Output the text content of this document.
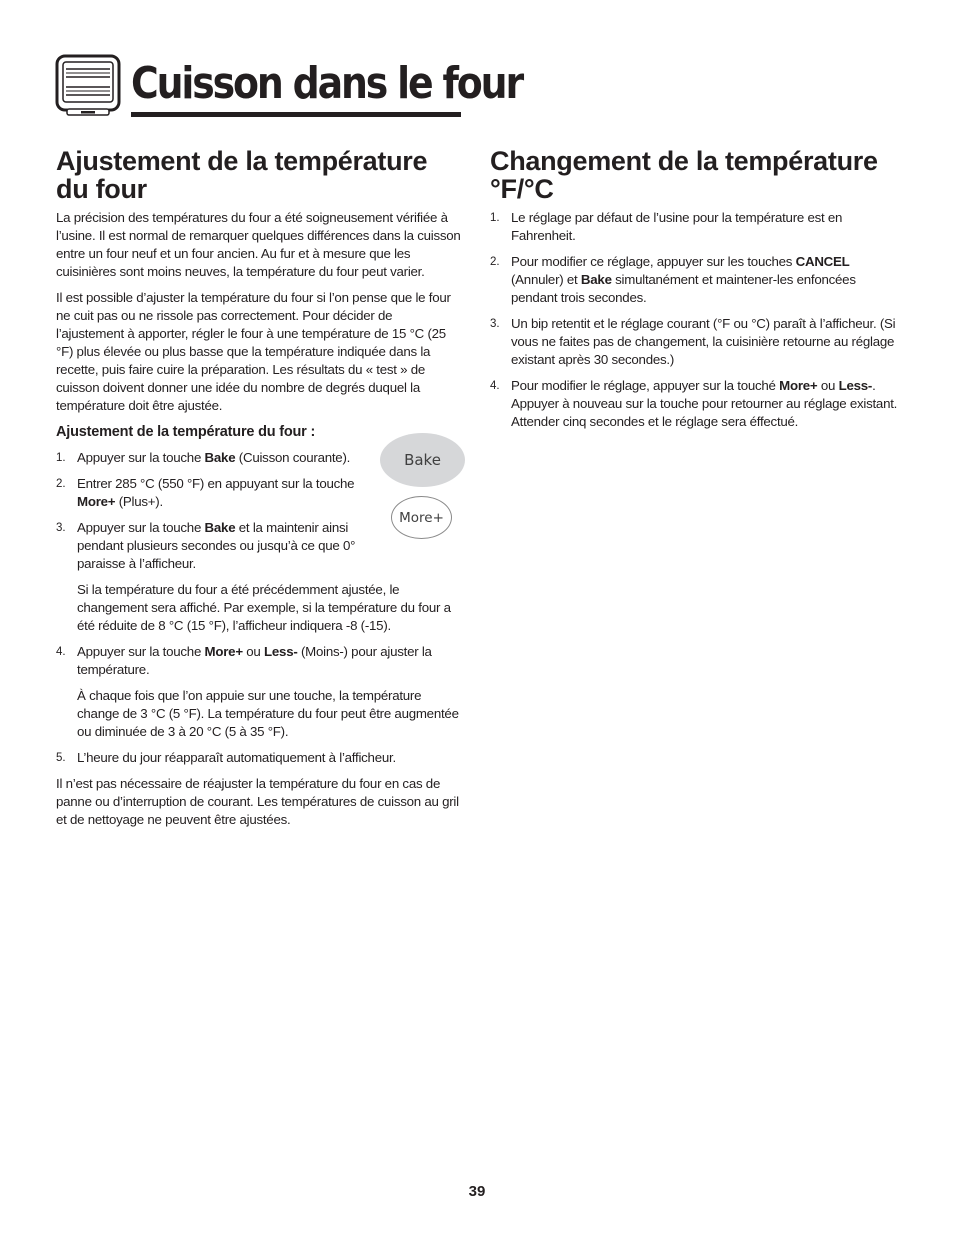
Cuisson dans le four
Ajustement de la température du four

La précision des températures du four a été soigneusement vérifiée à l’usine. Il est normal de remarquer quelques différences dans la cuisson entre un four neuf et un four ancien. Au fur et à mesure que les cuisinières sont moins neuves, la température du four peut varier.

Il est possible d’ajuster la température du four si l’on pense que le four ne cuit pas ou ne rissole pas correctement. Pour décider de l’ajustement à apporter, régler le four à une température de 15 °C (25 °F) plus élevée ou plus basse que la température indiquée dans la recette, puis faire cuire la préparation. Les résultats du « test » de cuisson doivent donner une idée du nombre de degrés duquel la température doit être ajustée.

Ajustement de la température du four :

1. Appuyer sur la touche Bake (Cuisson courante).

2. Entrer 285 °C (550 °F) en appuyant sur la touche More+ (Plus+).

3. Appuyer sur la touche Bake et la maintenir ainsi pendant plusieurs secondes ou jusqu’à ce que 0° paraisse à l’afficheur.

Si la température du four a été précédemment ajustée, le changement sera affiché. Par exemple, si la température du four a été réduite de 8 °C (15 °F), l’afficheur indiquera -8 (-15).

4. Appuyer sur la touche More+ ou Less- (Moins-) pour ajuster la température.

À chaque fois que l’on appuie sur une touche, la température change de 3 °C (5 °F). La température du four peut être augmentée ou diminuée de 3 à 20 °C (5 à 35 °F).

5. L’heure du jour réapparaît automatiquement à l’afficheur.

Il n’est pas nécessaire de réajuster la température du four en cas de panne ou d’interruption de courant. Les températures de cuisson au gril et de nettoyage ne peuvent être ajustées.

Bake
More+
Changement de la température °F/°C
1. Le réglage par défaut de l’usine pour la température est en Fahrenheit.

2. Pour modifier ce réglage, appuyer sur les touches CANCEL (Annuler) et Bake simultanément et maintener-les enfoncées pendant trois secondes.

3. Un bip retentit et le réglage courant (°F ou °C) paraît à l’afficheur. (Si vous ne faites pas de changement, la cuisinière retourne au réglage existant après 30 secondes.)

4. Pour modifier le réglage, appuyer sur la touché More+ ou Less-. Appuyer à nouveau sur la touche pour retourner au réglage existant. Attender cinq secondes et le réglage sera éffectué.

39
